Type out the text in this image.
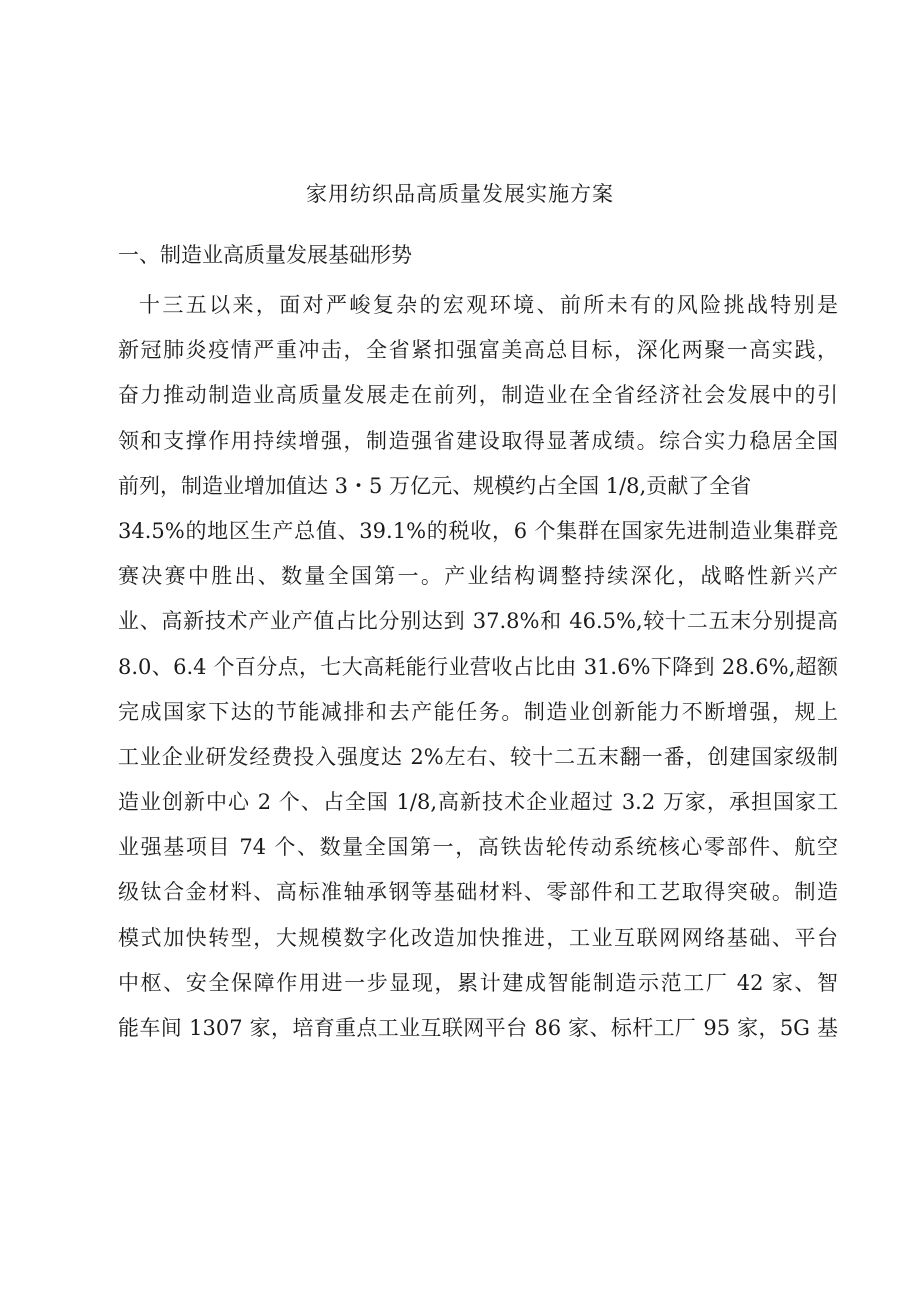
家用纺织品高质量发展实施方案
一、制造业高质量发展基础形势
十三五以来，面对严峻复杂的宏观环境、前所未有的风险挑战特别是
新冠肺炎疫情严重冲击，全省紧扣强富美高总目标，深化两聚一高实践，
奋力推动制造业高质量发展走在前列，制造业在全省经济社会发展中的引
领和支撑作用持续增强，制造强省建设取得显著成绩。综合实力稳居全国
前列，制造业增加值达 3・5 万亿元、规模约占全国 1/8,贡献了全省
34.5%的地区生产总值、39.1%的税收，6 个集群在国家先进制造业集群竞
赛决赛中胜出、数量全国第一。产业结构调整持续深化，战略性新兴产
业、高新技术产业产值占比分别达到 37.8%和 46.5%,较十二五末分别提高
8.0、6.4 个百分点，七大高耗能行业营收占比由 31.6%下降到 28.6%,超额
完成国家下达的节能减排和去产能任务。制造业创新能力不断增强，规上
工业企业研发经费投入强度达 2%左右、较十二五末翻一番，创建国家级制
造业创新中心 2 个、占全国 1/8,高新技术企业超过 3.2 万家，承担国家工
业强基项目 74 个、数量全国第一，高铁齿轮传动系统核心零部件、航空
级钛合金材料、高标准轴承钢等基础材料、零部件和工艺取得突破。制造
模式加快转型，大规模数字化改造加快推进，工业互联网网络基础、平台
中枢、安全保障作用进一步显现，累计建成智能制造示范工厂 42 家、智
能车间 1307 家，培育重点工业互联网平台 86 家、标杆工厂 95 家，5G 基
